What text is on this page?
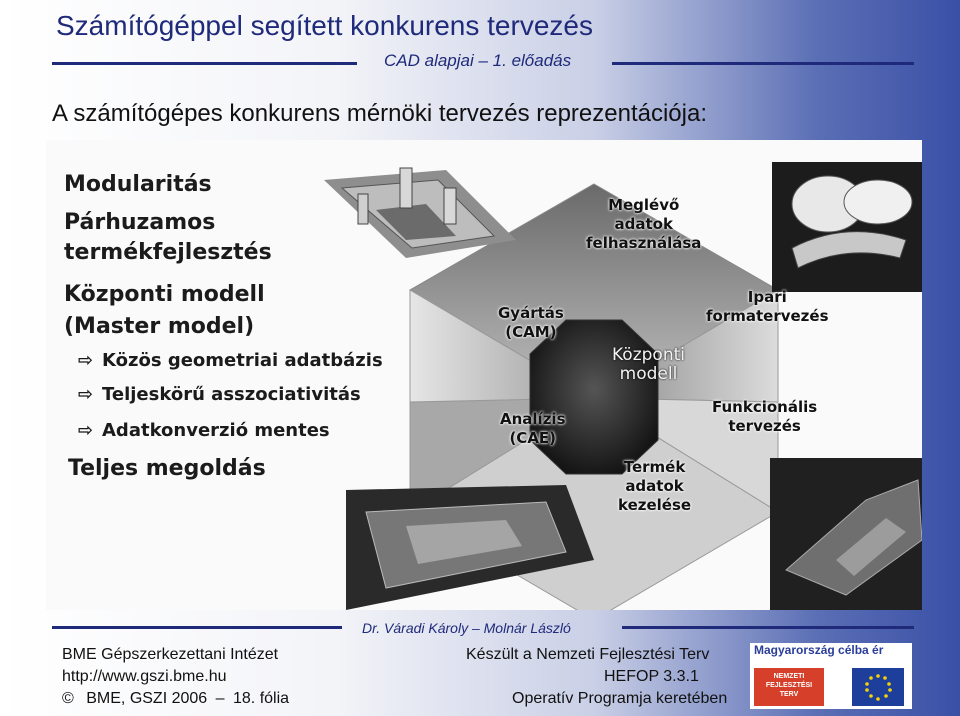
Számítógéppel segített konkurens tervezés
CAD alapjai – 1. előadás
A számítógépes konkurens mérnöki tervezés reprezentációja:
Modularitás
Párhuzamos
termékfejlesztés
Központi modell
(Master model)
⇨ Közös geometriai adatbázis
⇨ Teljeskörű asszociativitás
⇨ Adatkonverzió mentes
Teljes megoldás
Meglévő
adatok
felhasználása
Gyártás
(CAM)
Ipari
formatervezés
Analízis
(CAE)
Funkcionális
tervezés
Termék
adatok
kezelése
Központi
modell
Dr. Váradi Károly – Molnár László
BME Gépszerkezettani Intézet
http://www.gszi.bme.hu
© BME, GSZI 2006 – 18. fólia
Készült a Nemzeti Fejlesztési Terv
HEFOP 3.3.1
Operatív Programja keretében
Magyarország célba ér
NEMZETI
FEJLESZTÉSI
TERV
